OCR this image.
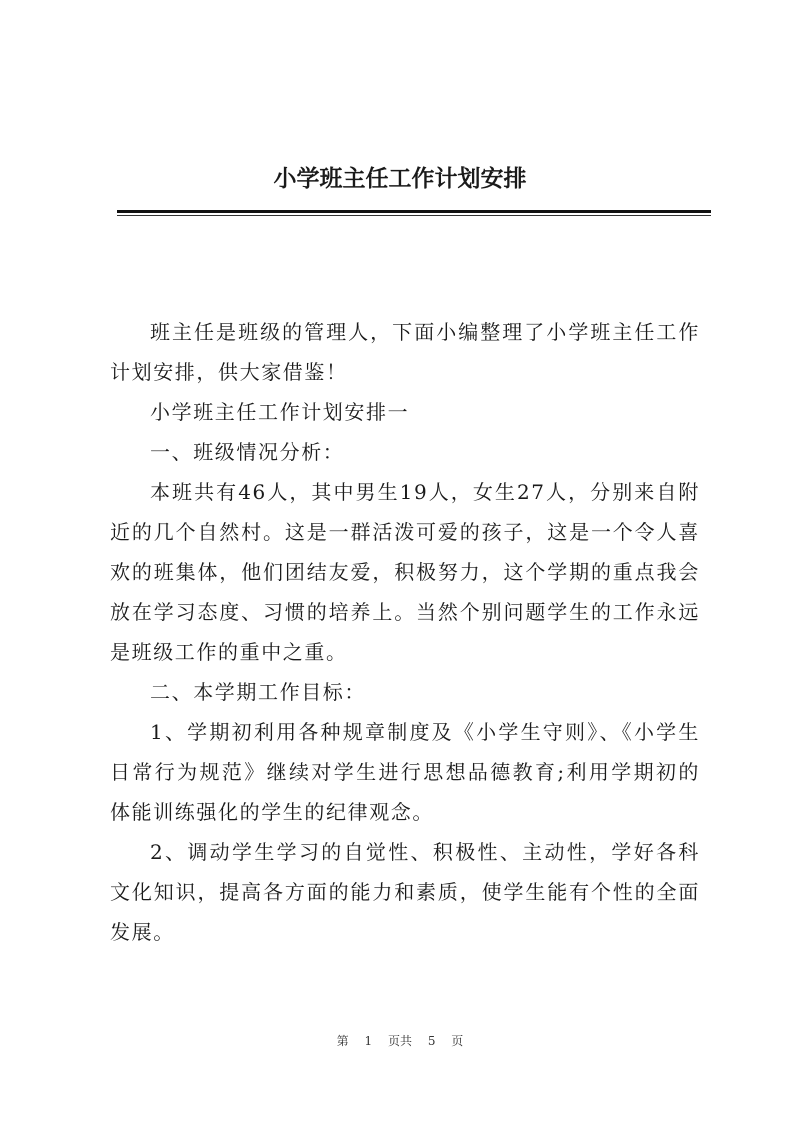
小学班主任工作计划安排

班主任是班级的管理人，下面小编整理了小学班主任工作计划安排，供大家借鉴！

小学班主任工作计划安排一

一、班级情况分析：

本班共有46人，其中男生19人，女生27人，分别来自附近的几个自然村。这是一群活泼可爱的孩子，这是一个令人喜欢的班集体，他们团结友爱，积极努力，这个学期的重点我会放在学习态度、习惯的培养上。当然个别问题学生的工作永远是班级工作的重中之重。

二、本学期工作目标：

1、学期初利用各种规章制度及《小学生守则》、《小学生日常行为规范》继续对学生进行思想品德教育;利用学期初的体能训练强化的学生的纪律观念。

2、调动学生学习的自觉性、积极性、主动性，学好各科文化知识，提高各方面的能力和素质，使学生能有个性的全面发展。

第 1 页共 5 页
